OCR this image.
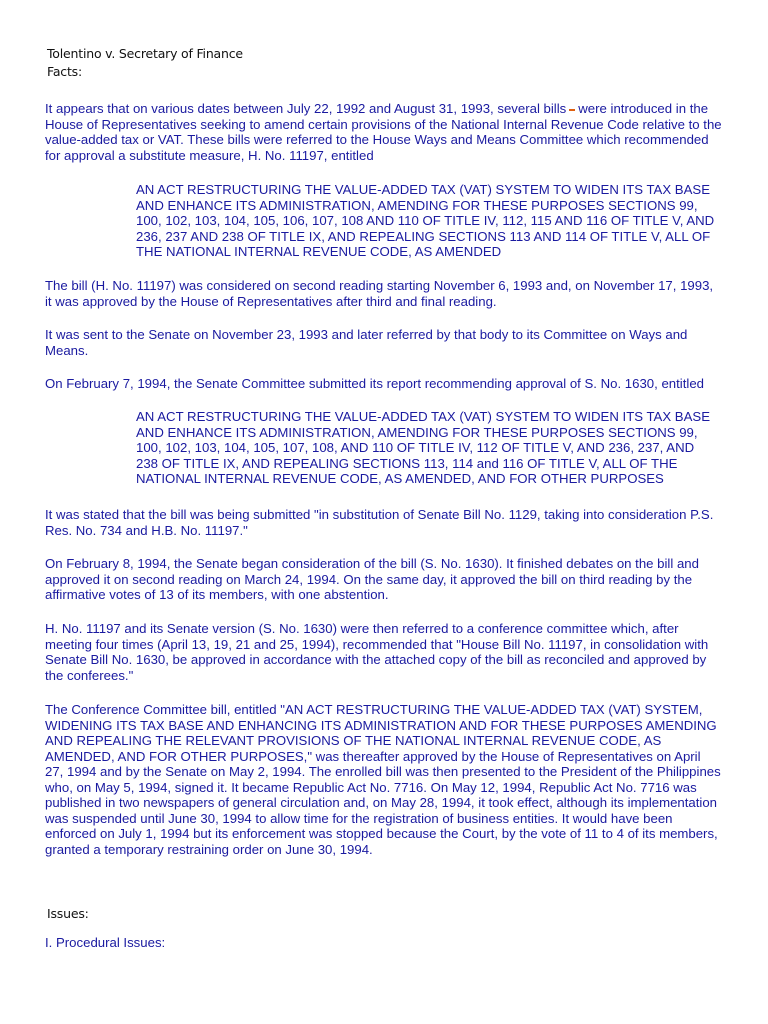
Tolentino v. Secretary of Finance
Facts:
It appears that on various dates between July 22, 1992 and August 31, 1993, several bills were introduced in the
House of Representatives seeking to amend certain provisions of the National Internal Revenue Code relative to the
value-added tax or VAT. These bills were referred to the House Ways and Means Committee which recommended
for approval a substitute measure, H. No. 11197, entitled
AN ACT RESTRUCTURING THE VALUE-ADDED TAX (VAT) SYSTEM TO WIDEN ITS TAX BASE
AND ENHANCE ITS ADMINISTRATION, AMENDING FOR THESE PURPOSES SECTIONS 99,
100, 102, 103, 104, 105, 106, 107, 108 AND 110 OF TITLE IV, 112, 115 AND 116 OF TITLE V, AND
236, 237 AND 238 OF TITLE IX, AND REPEALING SECTIONS 113 AND 114 OF TITLE V, ALL OF
THE NATIONAL INTERNAL REVENUE CODE, AS AMENDED
The bill (H. No. 11197) was considered on second reading starting November 6, 1993 and, on November 17, 1993,
it was approved by the House of Representatives after third and final reading.
It was sent to the Senate on November 23, 1993 and later referred by that body to its Committee on Ways and
Means.
On February 7, 1994, the Senate Committee submitted its report recommending approval of S. No. 1630, entitled
AN ACT RESTRUCTURING THE VALUE-ADDED TAX (VAT) SYSTEM TO WIDEN ITS TAX BASE
AND ENHANCE ITS ADMINISTRATION, AMENDING FOR THESE PURPOSES SECTIONS 99,
100, 102, 103, 104, 105, 107, 108, AND 110 OF TITLE IV, 112 OF TITLE V, AND 236, 237, AND
238 OF TITLE IX, AND REPEALING SECTIONS 113, 114 and 116 OF TITLE V, ALL OF THE
NATIONAL INTERNAL REVENUE CODE, AS AMENDED, AND FOR OTHER PURPOSES
It was stated that the bill was being submitted "in substitution of Senate Bill No. 1129, taking into consideration P.S.
Res. No. 734 and H.B. No. 11197."
On February 8, 1994, the Senate began consideration of the bill (S. No. 1630). It finished debates on the bill and
approved it on second reading on March 24, 1994. On the same day, it approved the bill on third reading by the
affirmative votes of 13 of its members, with one abstention.
H. No. 11197 and its Senate version (S. No. 1630) were then referred to a conference committee which, after
meeting four times (April 13, 19, 21 and 25, 1994), recommended that "House Bill No. 11197, in consolidation with
Senate Bill No. 1630, be approved in accordance with the attached copy of the bill as reconciled and approved by
the conferees."
The Conference Committee bill, entitled "AN ACT RESTRUCTURING THE VALUE-ADDED TAX (VAT) SYSTEM,
WIDENING ITS TAX BASE AND ENHANCING ITS ADMINISTRATION AND FOR THESE PURPOSES AMENDING
AND REPEALING THE RELEVANT PROVISIONS OF THE NATIONAL INTERNAL REVENUE CODE, AS
AMENDED, AND FOR OTHER PURPOSES," was thereafter approved by the House of Representatives on April
27, 1994 and by the Senate on May 2, 1994. The enrolled bill was then presented to the President of the Philippines
who, on May 5, 1994, signed it. It became Republic Act No. 7716. On May 12, 1994, Republic Act No. 7716 was
published in two newspapers of general circulation and, on May 28, 1994, it took effect, although its implementation
was suspended until June 30, 1994 to allow time for the registration of business entities. It would have been
enforced on July 1, 1994 but its enforcement was stopped because the Court, by the vote of 11 to 4 of its members,
granted a temporary restraining order on June 30, 1994.
Issues:
I. Procedural Issues:
